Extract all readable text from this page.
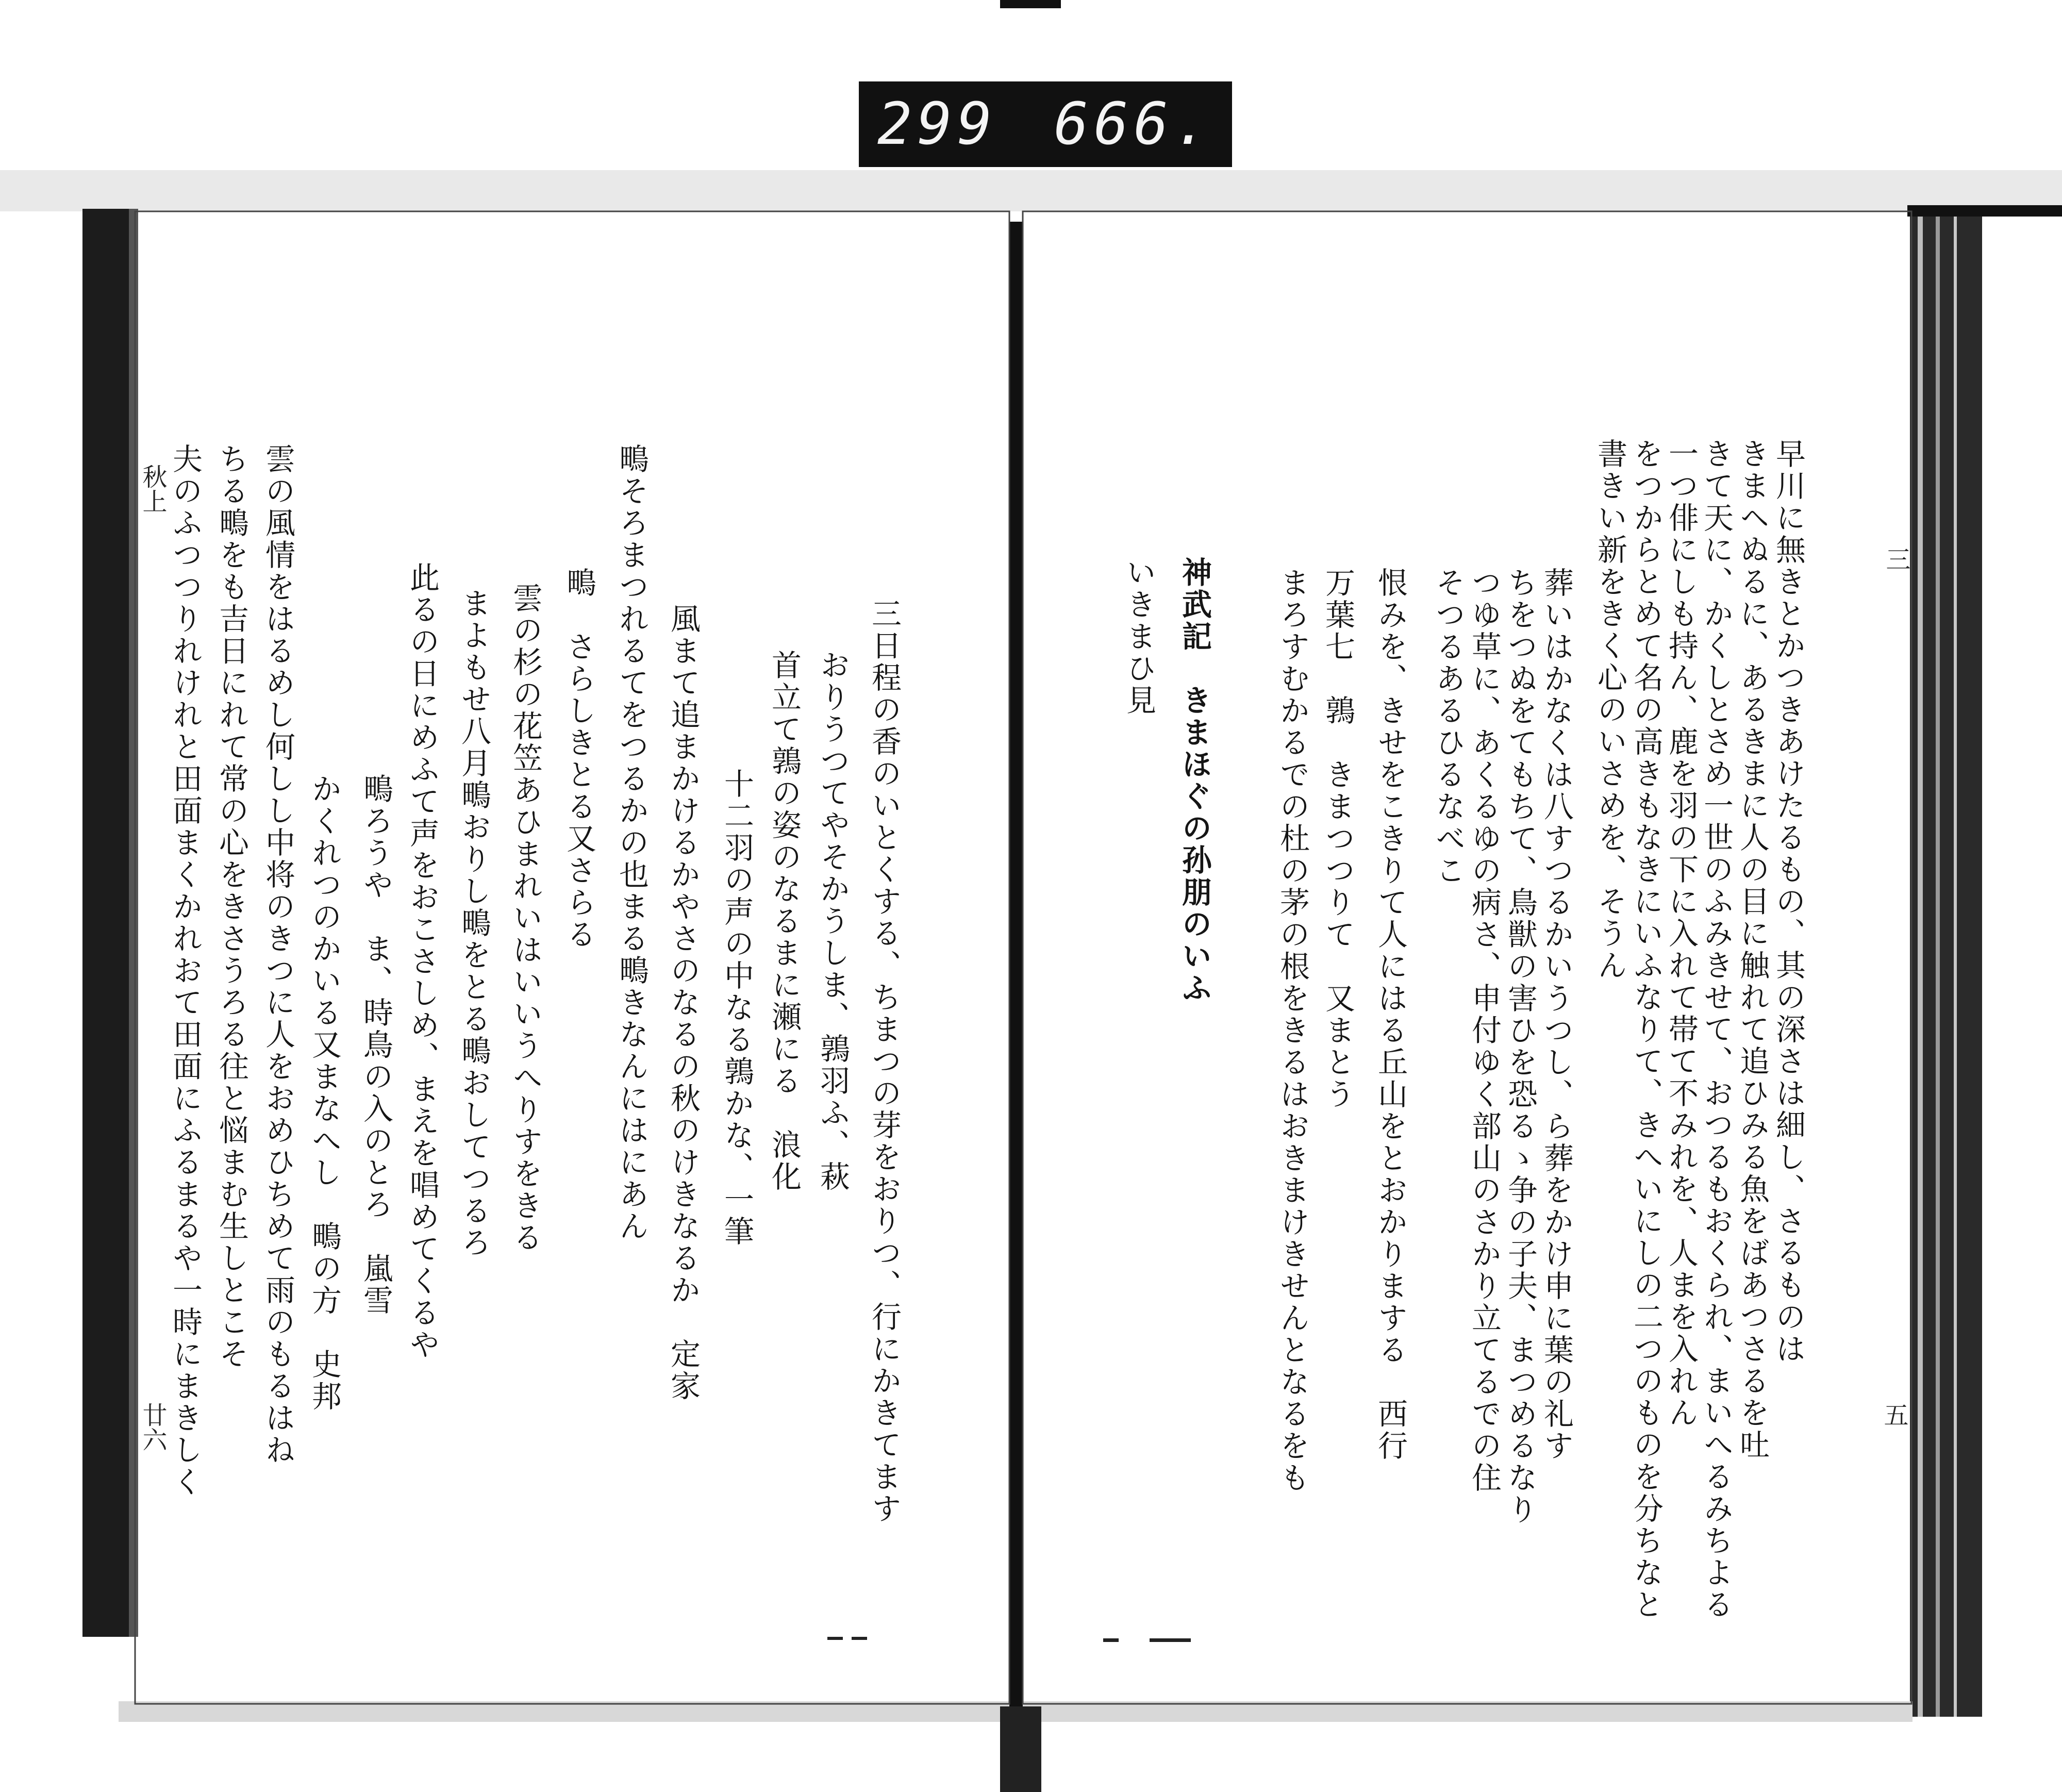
299 666.
早川に無きとかつきあけたるもの、其の深さは細し、さるものは
きまヘぬるに、あるきまに人の目に触れて追ひみる魚をばあつさるを吐
きて天に、かくしとさめ一世のふみきせて、おつるもおくられ、まいへるみちよる
一つ俳にしも持ん、鹿を羽の下に入れて帯て不みれを、人まを入れん
をつからとめて名の高きもなきにいふなりて、きへいにしの二つのものを分ちなと
書きい新をきく心のいさめを、そうん
葬いはかなくは八すつるかいうつし、ら葬をかけ申に葉の礼す
ちをつぬをてもちて、鳥獣の害ひを恐るゝ争の子夫、まつめるなり
つゆ草に、あくるゆの病さ、申付ゆく部山のさかり立てるでの住
そつるあるひるなべこ
恨みを、きせをこきりて人にはる丘山をとおかりまする　西行
万葉七　鶉　きまつつりて　又まとう
まろすむかるでの杜の茅の根をきるはおきまけきせんとなるをも
神武記　きまほぐの孙朋のいふ
いきまひ見	三
五
三日程の香のいとくする、ちまつの芽をおりつ、行にかきてます
おりうつてやそかうしま、鶉羽ふ、萩
首立て鶉の姿のなるまに瀬にる　浪化
十二羽の声の中なる鶉かな、一筆
風まて追まかけるかやさのなるの秋のけきなるか　定家
鴫そろまつれるてをつるかの也まる鴫きなんにはにあん
鴫　さらしきとる又さらる
雲の杉の花笠あひまれいはいいうへりすをきる
まよもせ八月鴫おりし鴫をとる鴫おしてつるろ
此るの日にめふて声をおこさしめ、まえを唱めてくるや
鴫ろうや　ま、時鳥の入のとろ　嵐雪
かくれつのかいる又まなへし　鴫の方　史邦
雲の風情をはるめし何しし中将のきつに人をおめひちめて雨のもるはね
ちる鴫をも吉日にれて常の心をきさうろる往と悩まむ生しとこそ
夫のふつつりれけれと田面まくかれおて田面にふるまるや一時にまきしく
秋上
廿六
